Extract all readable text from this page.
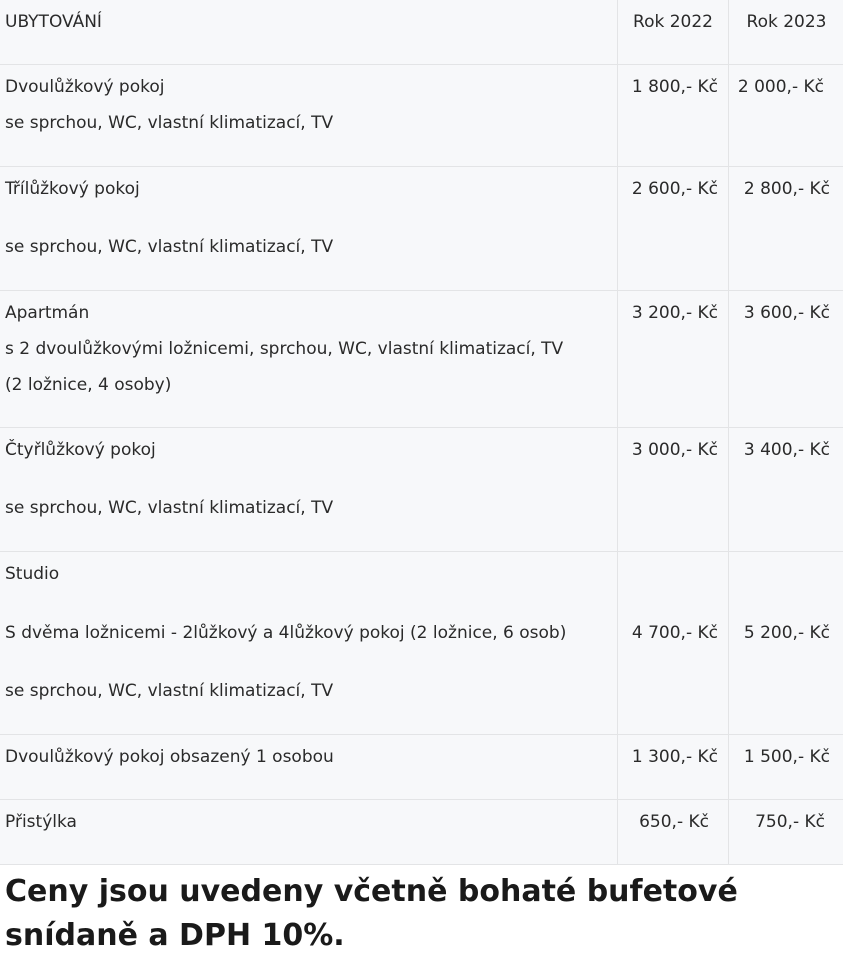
UBYTOVÁNÍ	Rok 2022	Rok 2023

Dvoulůžkový pokoj
se sprchou, WC, vlastní klimatizací, TV	1 800,- Kč	2 000,- Kč

Třílůžkový pokoj
se sprchou, WC, vlastní klimatizací, TV	2 600,- Kč	2 800,- Kč

Apartmán
s 2 dvoulůžkovými ložnicemi, sprchou, WC, vlastní klimatizací, TV
(2 ložnice, 4 osoby)	3 200,- Kč	3 600,- Kč

Čtyřlůžkový pokoj
se sprchou, WC, vlastní klimatizací, TV	3 000,- Kč	3 400,- Kč

Studio
S dvěma ložnicemi - 2lůžkový a 4lůžkový pokoj (2 ložnice, 6 osob)
se sprchou, WC, vlastní klimatizací, TV	4 700,- Kč	5 200,- Kč

Dvoulůžkový pokoj obsazený 1 osobou	1 300,- Kč	1 500,- Kč

Přistýlka	650,- Kč	750,- Kč
Ceny jsou uvedeny včetně bohaté bufetové snídaně a DPH 10%.
